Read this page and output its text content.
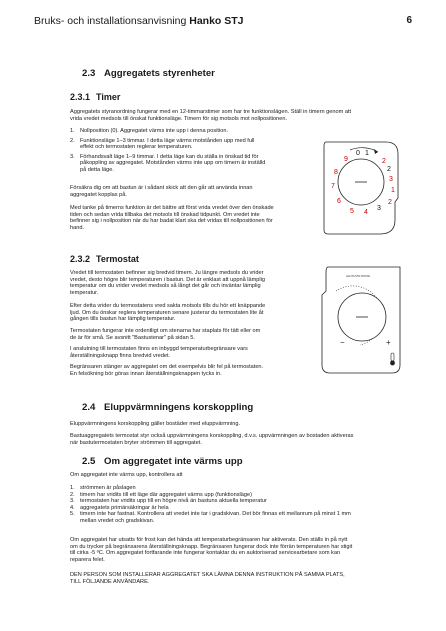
Bruks- och installationsanvisning Hanko STJ	6
2.3 Aggregatets styrenheter
2.3.1 Timer
Aggregatets styranordning fungerar med en 12-timmarstimer som har tre funktionslägen. Ställ in timern genom att
vrida vredet medsols till önskat funktionsläge. Timern för sig motsols mot nollpositionen.
1. Nollposition (0). Aggregatet värms inte upp i denna position.
2. Funktionsläge 1–3 timmar. I detta läge värms motstånden upp med full
effekt och termostaten reglerar temperaturen.
3. Förhandsvalt läge 1–9 timmar. I detta läge kan du ställa in önskad tid för
påkoppling av aggregatet. Motstånden värms inte upp om timern är inställd
på detta läge.
Försäkra dig om att bastun är i sådant skick att den går att använda innan
aggregatet kopplas på.
Med tanke på timerns funktion är det bättre att först vrida vredet över den önskade
tiden och sedan vrida tillbaka det motsols till önskad tidpunkt. Om vredet inte
befinner sig i nollposition när du har badat klart ska det vridas till nollpositionen för
hand.
0 1
9
8
7
6
5 4
3
2
2
3
1
2
2.3.2 Termostat
Vredet till termostaten befinner sig bredvid timern. Ju längre medsols du vrider
vredet, desto högre blir temperaturen i bastun. Det är enklast att uppnå lämplig
temperatur om du vrider vredet medsols så långt det går och inväntar lämplig
temperatur.
Efter detta vrider du termostatens vred sakta motsols tills du hör ett knäppande
ljud. Om du önskar reglera temperaturen senare justerar du termostaten lite åt
gången tills bastun har lämplig temperatur.
Termostaten fungerar inte ordentligt om stenarna har staplats för tätt eller om
de är för små. Se avsnitt "Bastustenar" på sidan 5.
I anslutning till termostaten finns en inbyggd temperaturbegränsare vars
återställningsknapp finns bredvid vredet.
Begränsaren stänger av aggregatet om det exempelvis blir fel på termostaten.
En felsökning bör göras innan återställningsknappen tycks in.
HAUTA STR ROSTE
−	+
2.4 Eluppvärmningens korskoppling
Eluppvärmningens korskoppling gäller bostäder med eluppvärmning.
Bastuaggregatets termostat styr också uppvärmningens korskoppling, d.v.s. uppvärmningen av bostaden aktiveras
när bastutermostaten bryter strömmen till aggregatet.
2.5 Om aggregatet inte värms upp
Om aggregatet inte värms upp, kontrollera att
1. strömmen är påslagen
2. timern har vridits till ett läge där aggregatet värms upp (funktionsläge)
3. termostaten har vridits upp till en högre nivå än bastuns aktuella temperatur
4. aggregatets primärsäkringar är hela
5. timern inte har fastnat. Kontrollera att vredet inte tar i gradskivan. Det bör finnas ett mellanrum på minst 1 mm
mellan vredet och gradskivan.
Om aggregatet har utsatts för frost kan det hända att temperaturbegränsaren har aktiverats. Den ställs in på nytt
om du trycker på begränsarens återställningsknapp. Begränsaren fungerar dock inte förrän temperaturen har stigit
till cirka -5 ºC. Om aggregatet fortfarande inte fungerar kontaktar du en auktoriserad servicearbetare som kan
reparera felet.
DEN PERSON SOM INSTALLERAR AGGREGATET SKA LÄMNA DENNA INSTRUKTION PÅ SAMMA PLATS,
TILL FÖLJANDE ANVÄNDARE.
